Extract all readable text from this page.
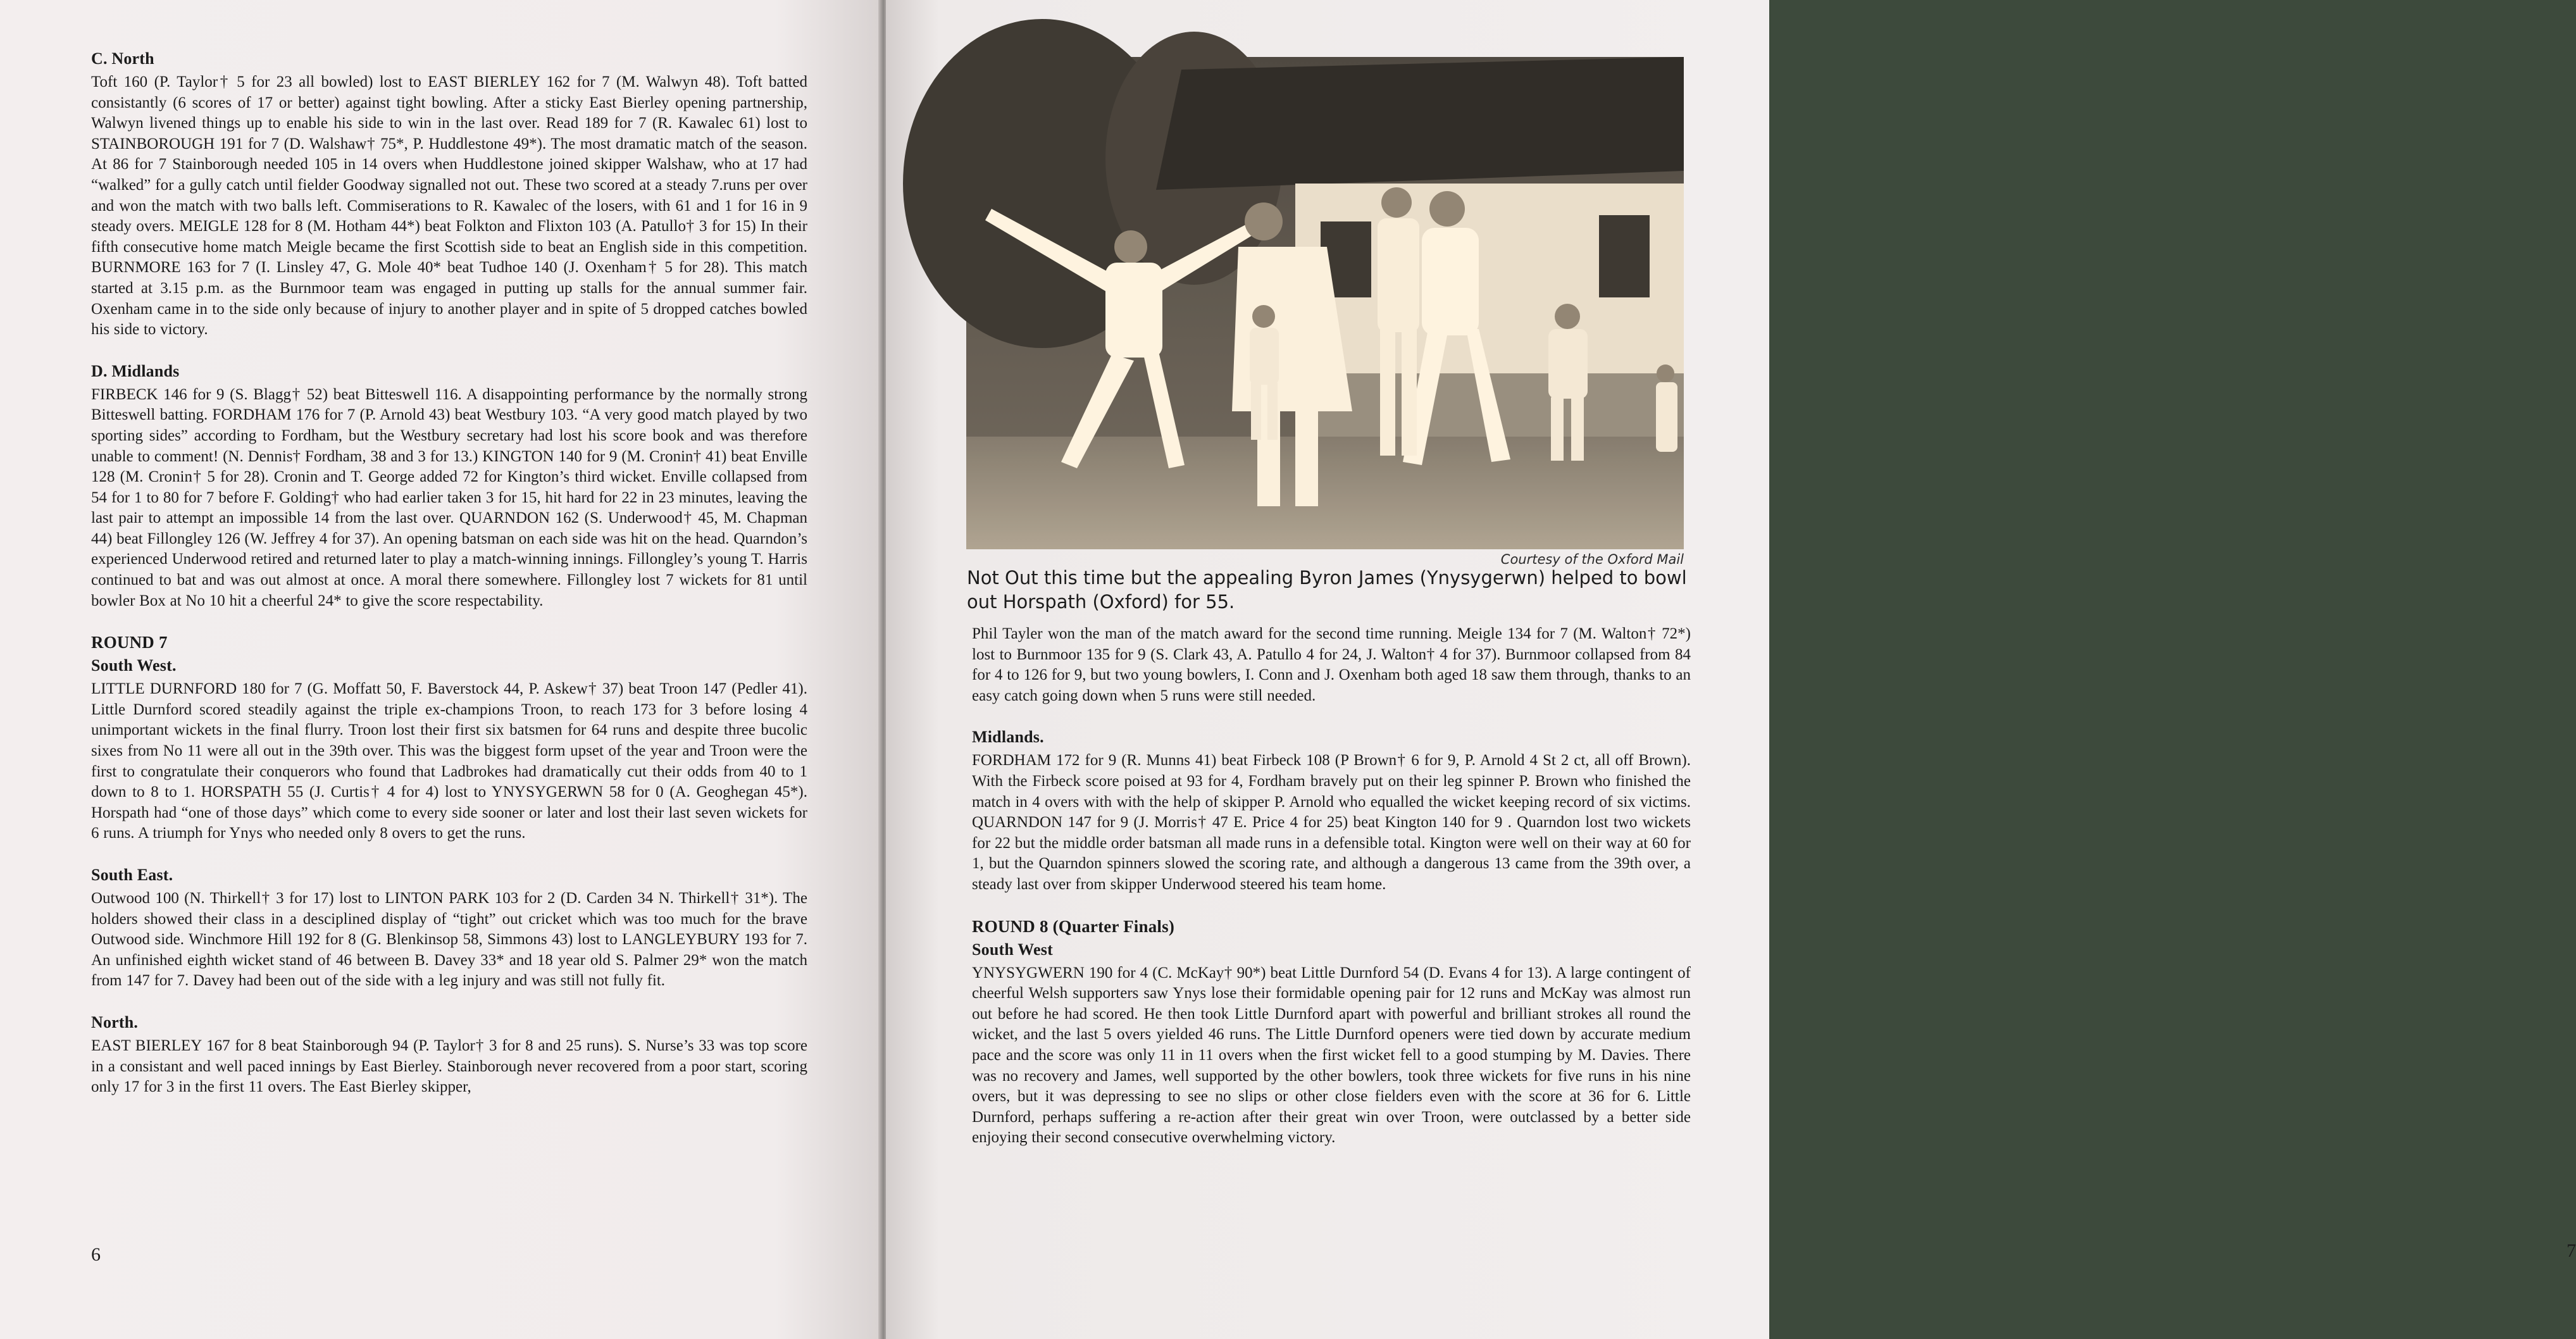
C. North

Toft 160 (P. Taylor† 5 for 23 all bowled) lost to EAST BIERLEY 162 for 7 (M. Walwyn 48). Toft batted consistantly (6 scores of 17 or better) against tight bowling. After a sticky East Bierley opening partnership, Walwyn livened things up to enable his side to win in the last over. Read 189 for 7 (R. Kawalec 61) lost to STAINBOROUGH 191 for 7 (D. Walshaw† 75*, P. Huddlestone 49*). The most dramatic match of the season. At 86 for 7 Stainborough needed 105 in 14 overs when Huddlestone joined skipper Walshaw, who at 17 had “walked” for a gully catch until fielder Goodway signalled not out. These two scored at a steady 7.runs per over and won the match with two balls left. Commiserations to R. Kawalec of the losers, with 61 and 1 for 16 in 9 steady overs. MEIGLE 128 for 8 (M. Hotham 44*) beat Folkton and Flixton 103 (A. Patullo† 3 for 15) In their fifth consecutive home match Meigle became the first Scottish side to beat an English side in this competition. BURNMORE 163 for 7 (I. Linsley 47, G. Mole 40* beat Tudhoe 140 (J. Oxenham† 5 for 28). This match started at 3.15 p.m. as the Burnmoor team was engaged in putting up stalls for the annual summer fair. Oxenham came in to the side only because of injury to another player and in spite of 5 dropped catches bowled his side to victory.

D. Midlands

FIRBECK 146 for 9 (S. Blagg† 52) beat Bitteswell 116. A disappointing performance by the normally strong Bitteswell batting. FORDHAM 176 for 7 (P. Arnold 43) beat Westbury 103. “A very good match played by two sporting sides” according to Fordham, but the Westbury secretary had lost his score book and was therefore unable to comment! (N. Dennis† Fordham, 38 and 3 for 13.) KINGTON 140 for 9 (M. Cronin† 41) beat Enville 128 (M. Cronin† 5 for 28). Cronin and T. George added 72 for Kington’s third wicket. Enville collapsed from 54 for 1 to 80 for 7 before F. Golding† who had earlier taken 3 for 15, hit hard for 22 in 23 minutes, leaving the last pair to attempt an impossible 14 from the last over. QUARNDON 162 (S. Underwood† 45, M. Chapman 44) beat Fillongley 126 (W. Jeffrey 4 for 37). An opening batsman on each side was hit on the head. Quarndon’s experienced Underwood retired and returned later to play a match-winning innings. Fillongley’s young T. Harris continued to bat and was out almost at once. A moral there somewhere. Fillongley lost 7 wickets for 81 until bowler Box at No 10 hit a cheerful 24* to give the score respectability.

ROUND 7
South West.

LITTLE DURNFORD 180 for 7 (G. Moffatt 50, F. Baverstock 44, P. Askew† 37) beat Troon 147 (Pedler 41). Little Durnford scored steadily against the triple ex-champions Troon, to reach 173 for 3 before losing 4 unimportant wickets in the final flurry. Troon lost their first six batsmen for 64 runs and despite three bucolic sixes from No 11 were all out in the 39th over. This was the biggest form upset of the year and Troon were the first to congratulate their conquerors who found that Ladbrokes had dramatically cut their odds from 40 to 1 down to 8 to 1. HORSPATH 55 (J. Curtis† 4 for 4) lost to YNYSYGERWN 58 for 0 (A. Geoghegan 45*). Horspath had “one of those days” which come to every side sooner or later and lost their last seven wickets for 6 runs. A triumph for Ynys who needed only 8 overs to get the runs.

South East.

Outwood 100 (N. Thirkell† 3 for 17) lost to LINTON PARK 103 for 2 (D. Carden 34 N. Thirkell† 31*). The holders showed their class in a desciplined display of “tight” out cricket which was too much for the brave Outwood side. Winchmore Hill 192 for 8 (G. Blenkinsop 58, Simmons 43) lost to LANGLEYBURY 193 for 7. An unfinished eighth wicket stand of 46 between B. Davey 33* and 18 year old S. Palmer 29* won the match from 147 for 7. Davey had been out of the side with a leg injury and was still not fully fit.

North.

EAST BIERLEY 167 for 8 beat Stainborough 94 (P. Taylor† 3 for 8 and 25 runs). S. Nurse’s 33 was top score in a consistant and well paced innings by East Bierley. Stainborough never recovered from a poor start, scoring only 17 for 3 in the first 11 overs. The East Bierley skipper,

6
Courtesy of the Oxford Mail
Not Out this time but the appealing Byron James (Ynysygerwn) helped to bowl out Horspath (Oxford) for 55.

Phil Tayler won the man of the match award for the second time running. Meigle 134 for 7 (M. Walton† 72*) lost to Burnmoor 135 for 9 (S. Clark 43, A. Patullo 4 for 24, J. Walton† 4 for 37). Burnmoor collapsed from 84 for 4 to 126 for 9, but two young bowlers, I. Conn and J. Oxenham both aged 18 saw them through, thanks to an easy catch going down when 5 runs were still needed.

Midlands.

FORDHAM 172 for 9 (R. Munns 41) beat Firbeck 108 (P Brown† 6 for 9, P. Arnold 4 St 2 ct, all off Brown). With the Firbeck score poised at 93 for 4, Fordham bravely put on their leg spinner P. Brown who finished the match in 4 overs with with the help of skipper P. Arnold who equalled the wicket keeping record of six victims. QUARNDON 147 for 9 (J. Morris† 47 E. Price 4 for 25) beat Kington 140 for 9 . Quarndon lost two wickets for 22 but the middle order batsman all made runs in a defensible total. Kington were well on their way at 60 for 1, but the Quarndon spinners slowed the scoring rate, and although a dangerous 13 came from the 39th over, a steady last over from skipper Underwood steered his team home.

ROUND 8 (Quarter Finals)
South West

YNYSYGWERN 190 for 4 (C. McKay† 90*) beat Little Durnford 54 (D. Evans 4 for 13). A large contingent of cheerful Welsh supporters saw Ynys lose their formidable opening pair for 12 runs and McKay was almost run out before he had scored. He then took Little Durnford apart with powerful and brilliant strokes all round the wicket, and the last 5 overs yielded 46 runs. The Little Durnford openers were tied down by accurate medium pace and the score was only 11 in 11 overs when the first wicket fell to a good stumping by M. Davies. There was no recovery and James, well supported by the other bowlers, took three wickets for five runs in his nine overs, but it was depressing to see no slips or other close fielders even with the score at 36 for 6. Little Durnford, perhaps suffering a re-action after their great win over Troon, were outclassed by a better side enjoying their second consecutive overwhelming victory.

7
